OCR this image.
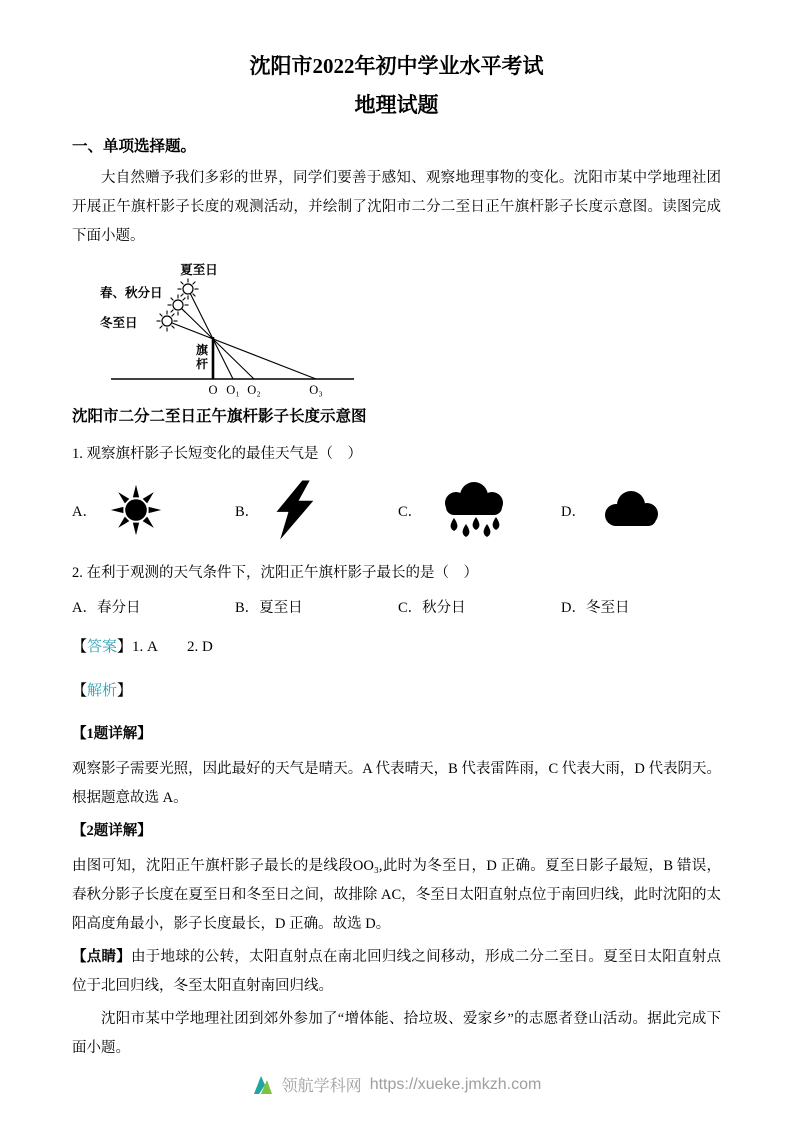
沈阳市2022年初中学业水平考试
地理试题
一、单项选择题。

大自然赠予我们多彩的世界，同学们要善于感知、观察地理事物的变化。沈阳市某中学地理社团开展正午旗杆影子长度的观测活动，并绘制了沈阳市二分二至日正午旗杆影子长度示意图。读图完成下面小题。

夏至日
春、秋分日
冬至日
旗
杆
O O₁ O₂	O₃
沈阳市二分二至日正午旗杆影子长度示意图

1. 观察旗杆影子长短变化的最佳天气是（　）

A．	B．	C．	D．

2. 在利于观测的天气条件下，沈阳正午旗杆影子最长的是（　）

A．春分日	B．夏至日	C．秋分日	D．冬至日
【答案】1. A　　2. D
【解析】
【1题详解】

观察影子需要光照，因此最好的天气是晴天。A 代表晴天，B 代表雷阵雨，C 代表大雨，D 代表阴天。根据题意故选 A。

【2题详解】

由图可知，沈阳正午旗杆影子最长的是线段OO₃,此时为冬至日，D 正确。夏至日影子最短，B 错误，春秋分影子长度在夏至日和冬至日之间，故排除 AC，冬至日太阳直射点位于南回归线，此时沈阳的太阳高度角最小，影子长度最长，D 正确。故选 D。

【点睛】由于地球的公转，太阳直射点在南北回归线之间移动，形成二分二至日。夏至日太阳直射点位于北回归线，冬至太阳直射南回归线。

沈阳市某中学地理社团到郊外参加了“增体能、拾垃圾、爱家乡”的志愿者登山活动。据此完成下面小题。

领航学科网 https://xueke.jmkzh.com
